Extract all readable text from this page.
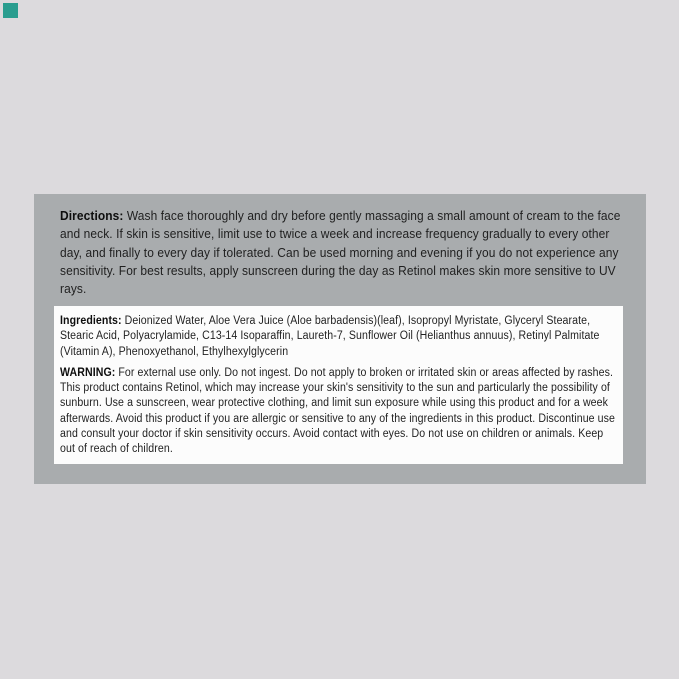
Directions: Wash face thoroughly and dry before gently massaging a small amount of cream to the face and neck. If skin is sensitive, limit use to twice a week and increase frequency gradually to every other day, and finally to every day if tolerated. Can be used morning and evening if you do not experience any sensitivity. For best results, apply sunscreen during the day as Retinol makes skin more sensitive to UV rays.
Ingredients: Deionized Water, Aloe Vera Juice (Aloe barbadensis)(leaf), Isopropyl Myristate, Glyceryl Stearate, Stearic Acid, Polyacrylamide, C13-14 Isoparaffin, Laureth-7, Sunflower Oil (Helianthus annuus), Retinyl Palmitate (Vitamin A), Phenoxyethanol, Ethylhexylglycerin
WARNING: For external use only. Do not ingest. Do not apply to broken or irritated skin or areas affected by rashes. This product contains Retinol, which may increase your skin's sensitivity to the sun and particularly the possibility of sunburn. Use a sunscreen, wear protective clothing, and limit sun exposure while using this product and for a week afterwards. Avoid this product if you are allergic or sensitive to any of the ingredients in this product. Discontinue use and consult your doctor if skin sensitivity occurs. Avoid contact with eyes. Do not use on children or animals. Keep out of reach of children.
